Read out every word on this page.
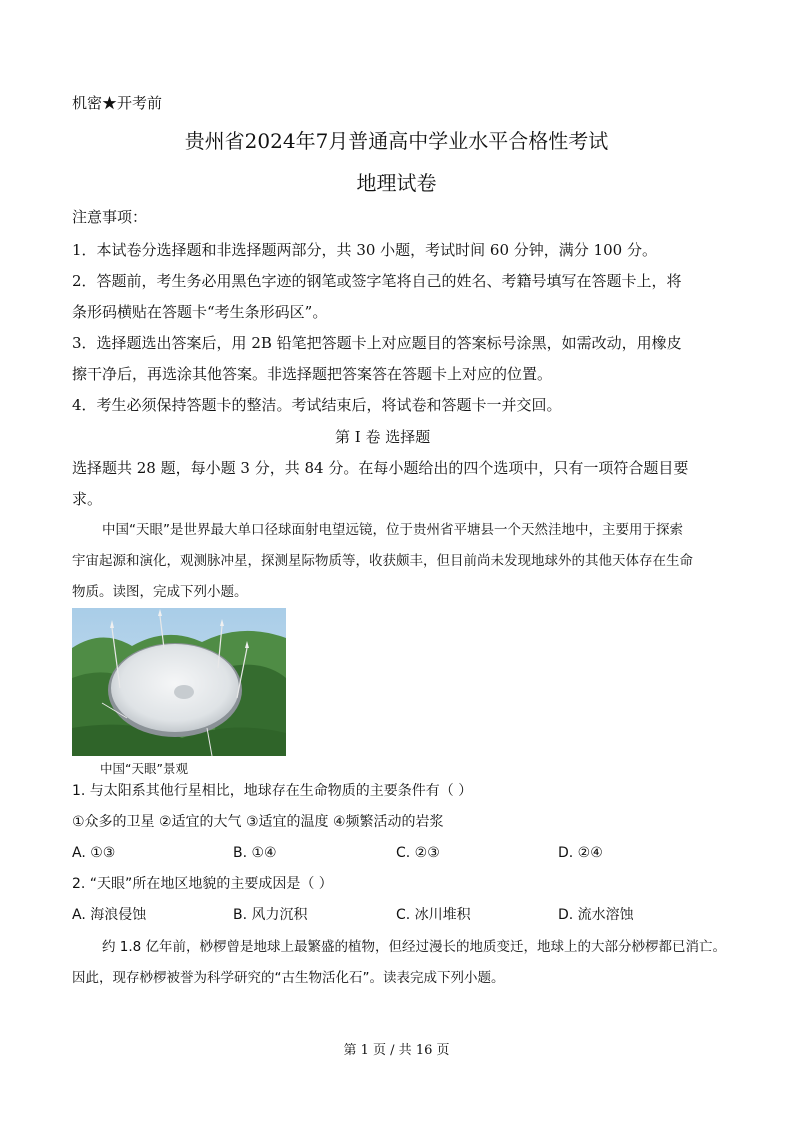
机密★开考前
贵州省2024年7月普通高中学业水平合格性考试
地理试卷
注意事项：
1．本试卷分选择题和非选择题两部分，共 30 小题，考试时间 60 分钟，满分 100 分。
2．答题前，考生务必用黑色字迹的钢笔或签字笔将自己的姓名、考籍号填写在答题卡上，将
条形码横贴在答题卡“考生条形码区”。
3．选择题选出答案后，用 2B 铅笔把答题卡上对应题目的答案标号涂黑，如需改动，用橡皮
擦干净后，再选涂其他答案。非选择题把答案答在答题卡上对应的位置。
4．考生必须保持答题卡的整洁。考试结束后，将试卷和答题卡一并交回。
第 I 卷 选择题
选择题共 28 题，每小题 3 分，共 84 分。在每小题给出的四个选项中，只有一项符合题目要
求。
中国“天眼”是世界最大单口径球面射电望远镜，位于贵州省平塘县一个天然洼地中，主要用于探索
宇宙起源和演化，观测脉冲星，探测星际物质等，收获颇丰，但目前尚未发现地球外的其他天体存在生命
物质。读图，完成下列小题。
中国“天眼”景观
1. 与太阳系其他行星相比，地球存在生命物质的主要条件有（ ）
①众多的卫星 ②适宜的大气 ③适宜的温度 ④频繁活动的岩浆
A. ①③	B. ①④	C. ②③	D. ②④
2. “天眼”所在地区地貌的主要成因是（ ）
A. 海浪侵蚀	B. 风力沉积	C. 冰川堆积	D. 流水溶蚀
约 1.8 亿年前，桫椤曾是地球上最繁盛的植物，但经过漫长的地质变迁，地球上的大部分桫椤都已消亡。
因此，现存桫椤被誉为科学研究的“古生物活化石”。读表完成下列小题。
第 1 页 / 共 16 页
